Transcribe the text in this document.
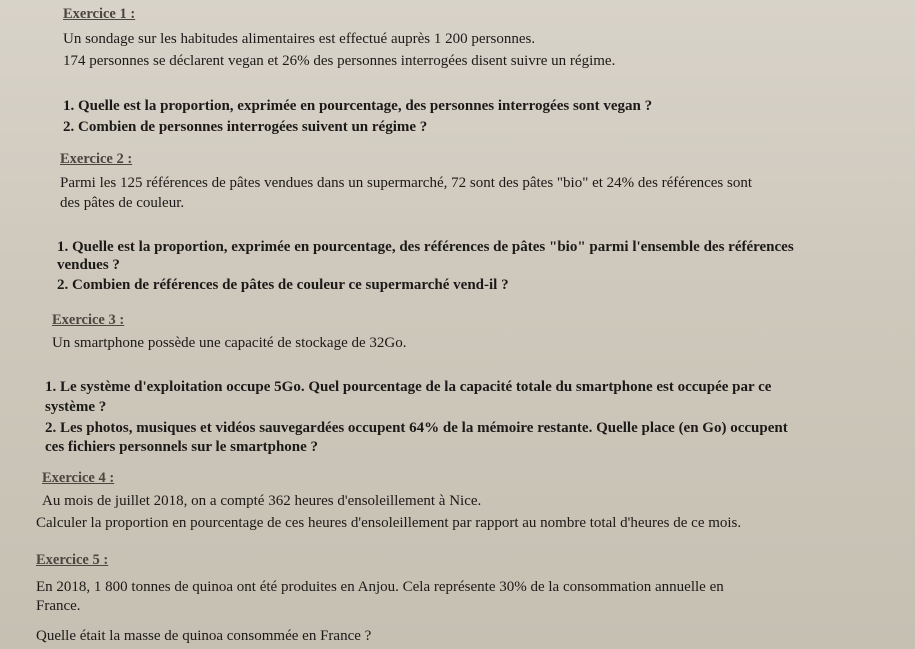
Exercice 1 :
Un sondage sur les habitudes alimentaires est effectué auprès 1 200 personnes.
174 personnes se déclarent vegan et 26% des personnes interrogées disent suivre un régime.
1. Quelle est la proportion, exprimée en pourcentage, des personnes interrogées sont vegan ?
2. Combien de personnes interrogées suivent un régime ?
Exercice 2 :
Parmi les 125 références de pâtes vendues dans un supermarché, 72 sont des pâtes "bio" et 24% des références sont
des pâtes de couleur.
1. Quelle est la proportion, exprimée en pourcentage, des références de pâtes "bio" parmi l'ensemble des références
vendues ?
2. Combien de références de pâtes de couleur ce supermarché vend-il ?
Exercice 3 :
Un smartphone possède une capacité de stockage de 32Go.
1. Le système d'exploitation occupe 5Go. Quel pourcentage de la capacité totale du smartphone est occupée par ce
système ?
2. Les photos, musiques et vidéos sauvegardées occupent 64% de la mémoire restante. Quelle place (en Go) occupent
ces fichiers personnels sur le smartphone ?
Exercice 4 :
Au mois de juillet 2018, on a compté 362 heures d'ensoleillement à Nice.
Calculer la proportion en pourcentage de ces heures d'ensoleillement par rapport au nombre total d'heures de ce mois.
Exercice 5 :
En 2018, 1 800 tonnes de quinoa ont été produites en Anjou. Cela représente 30% de la consommation annuelle en
France.
Quelle était la masse de quinoa consommée en France ?
